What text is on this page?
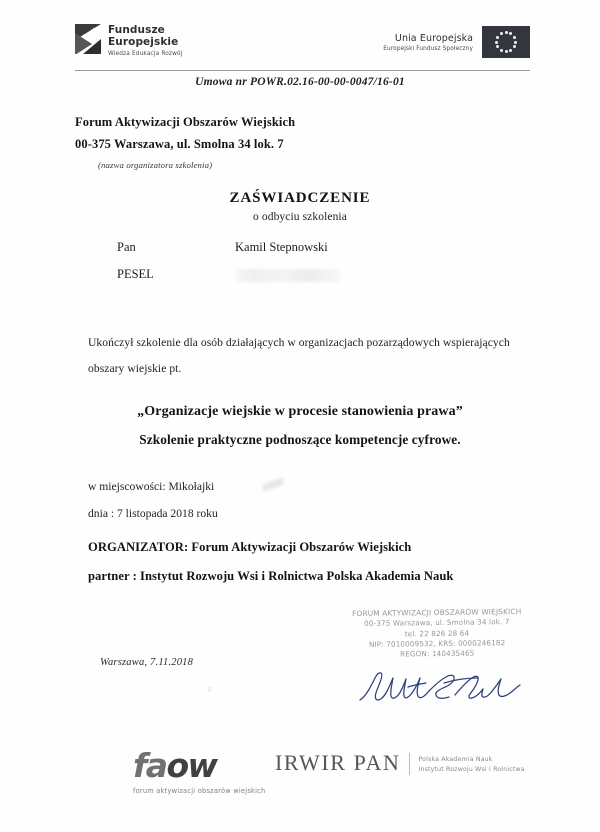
★ Fundusze
Europejskie
Wiedza Edukacja Rozwój
Unia Europejska
Europejski Fundusz Społeczny
Umowa nr POWR.02.16-00-00-0047/16-01
Forum Aktywizacji Obszarów Wiejskich
00-375 Warszawa, ul. Smolna 34 lok. 7
(nazwa organizatora szkolenia)
ZAŚWIADCZENIE
o odbyciu szkolenia
Pan	Kamil Stepnowski
PESEL
Ukończył szkolenie dla osób działających w organizacjach pozarządowych wspierających obszary wiejskie pt.
„Organizacje wiejskie w procesie stanowienia prawa”
Szkolenie praktyczne podnoszące kompetencje cyfrowe.
w miejscowości: Mikołajki
dnia : 7 listopada 2018 roku
ORGANIZATOR: Forum Aktywizacji Obszarów Wiejskich
partner : Instytut Rozwoju Wsi i Rolnictwa Polska Akademia Nauk
FORUM AKTYWIZACJI OBSZARÓW WIEJSKICH
00-375 Warszawa, ul. Smolna 34 lok. 7
tel. 22 826 28 64
NIP: 7010009532, KRS: 0000246182
REGON: 140435465
Warszawa, 7.11.2018
z
faow
forum aktywizacji obszarów wiejskich
IRWIR PAN	Polska Akademia Nauk
Instytut Rozwoju Wsi i Rolnictwa
